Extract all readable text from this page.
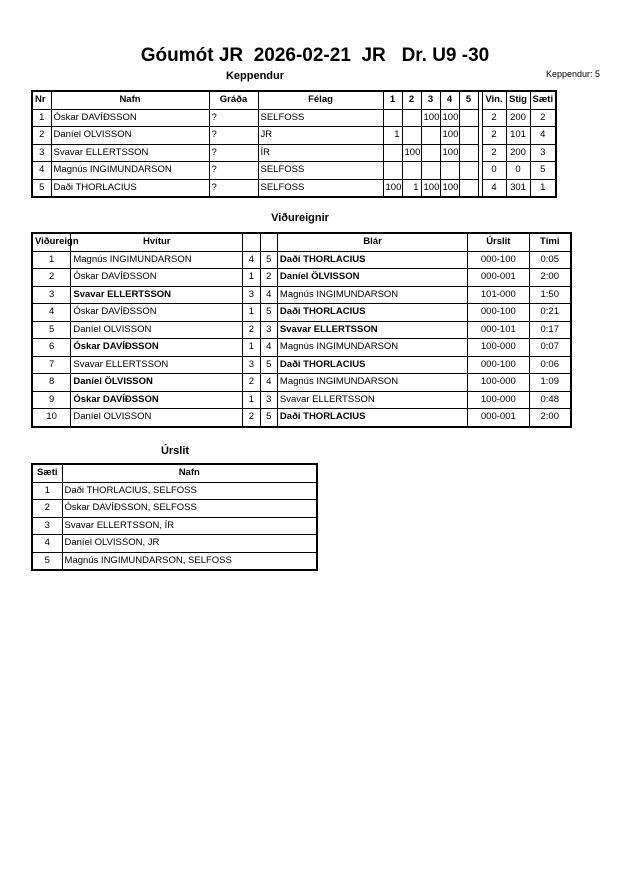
Góumót JR  2026-02-21  JR   Dr. U9 -30
Keppendur	Keppendur: 5
Nr	Nafn	Gráða	Félag	1	2	3	4	5		Vin.	Stig	Sæti
1	Óskar DAVÍÐSSON	?	SELFOSS			100	100			2	200	2
2	Daníel OLVISSON	?	JR	1			100			2	101	4
3	Svavar ELLERTSSON	?	ÍR		100		100			2	200	3
4	Magnús INGIMUNDARSON	?	SELFOSS							0	0	5
5	Daði THORLACIUS	?	SELFOSS	100	1	100	100			4	301	1
Viðureignir
Viðureign	Hvítur			Blár	Úrslit	Tími
1	Magnús INGIMUNDARSON	4	5	Daði THORLACIUS	000-100	0:05
2	Óskar DAVÍÐSSON	1	2	Daníel ÖLVISSON	000-001	2:00
3	Svavar ELLERTSSON	3	4	Magnús INGIMUNDARSON	101-000	1:50
4	Óskar DAVÍÐSSON	1	5	Daði THORLACIUS	000-100	0:21
5	Daníel OLVISSON	2	3	Svavar ELLERTSSON	000-101	0:17
6	Óskar DAVÍÐSSON	1	4	Magnús INGIMUNDARSON	100-000	0:07
7	Svavar ELLERTSSON	3	5	Daði THORLACIUS	000-100	0:06
8	Daníel ÖLVISSON	2	4	Magnús INGIMUNDARSON	100-000	1:09
9	Óskar DAVÍÐSSON	1	3	Svavar ELLERTSSON	100-000	0:48
10	Daníel OLVISSON	2	5	Daði THORLACIUS	000-001	2:00
Úrslit
Sæti	Nafn
1	Daði THORLACIUS, SELFOSS
2	Óskar DAVÍÐSSON, SELFOSS
3	Svavar ELLERTSSON, ÍR
4	Daníel OLVISSON, JR
5	Magnús INGIMUNDARSON, SELFOSS
